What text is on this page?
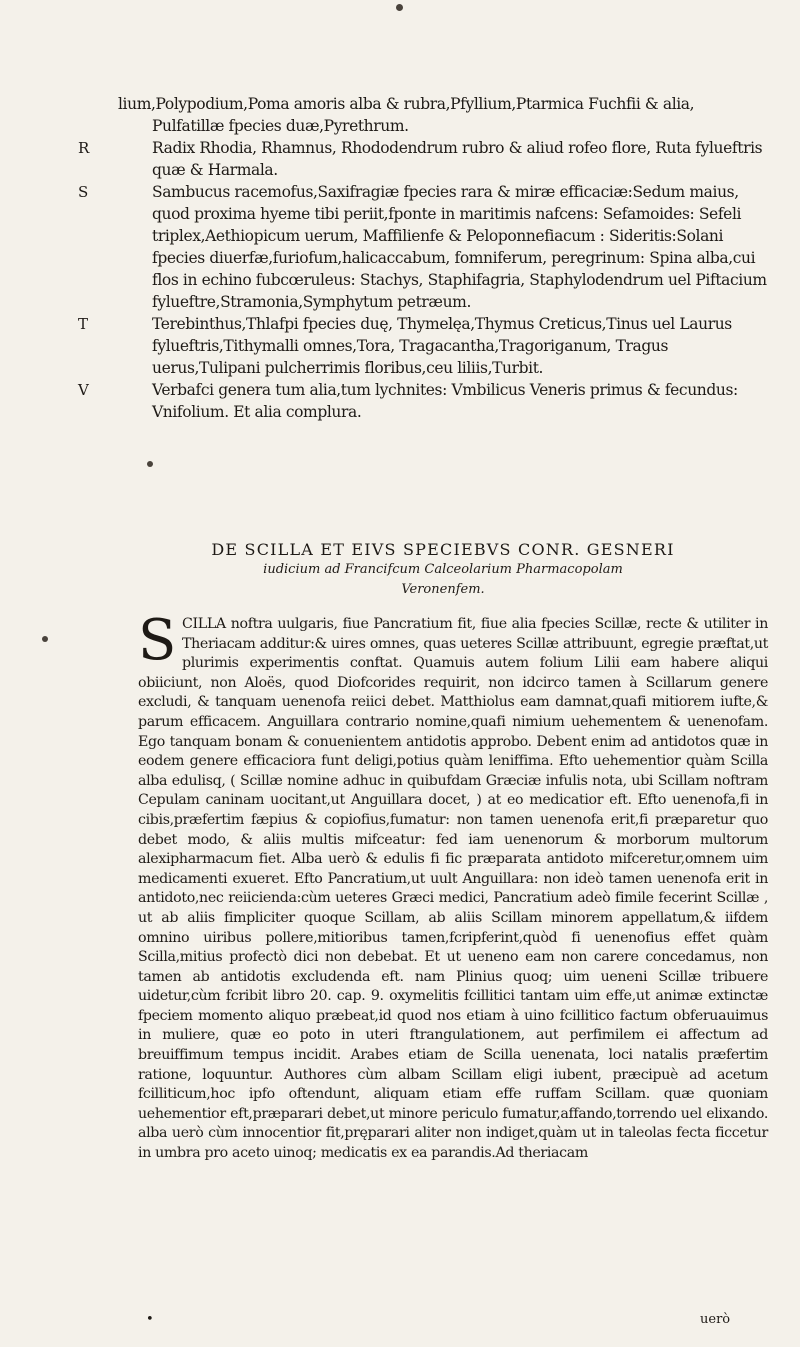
lium,Polypodium,Poma amoris alba & rubra,Pfyllium,Ptarmica Fuchfii & alia,

Pulfatillæ fpecies duæ,Pyrethrum.

R	Radix Rhodia, Rhamnus, Rhododendrum rubro & aliud rofeo flore, Ruta fylueftris quæ & Harmala.
S	Sambucus racemofus,Saxifragiæ fpecies rara & miræ efficaciæ:Sedum maius, quod proxima hyeme tibi periit,fponte in maritimis nafcens: Sefamoides: Sefeli triplex,Aethiopicum uerum, Maffilienfe & Peloponnefiacum : Sideritis:Solani fpecies diuerfæ,furiofum,halicaccabum, fomniferum, peregrinum: Spina alba,cui flos in echino fubcœruleus: Stachys, Staphifagria, Staphylodendrum uel Piftacium fylueftre,Stramonia,Symphytum petræum.
T	Terebinthus,Thlafpi fpecies duę, Thymelęa,Thymus Creticus,Tinus uel Laurus fylueftris,Tithymalli omnes,Tora, Tragacantha,Tragoriganum, Tragus uerus,Tulipani pulcherrimis floribus,ceu liliis,Turbit.
V	Verbafci genera tum alia,tum lychnites: Vmbilicus Veneris primus & fecundus: Vnifolium. Et alia complura.

DE SCILLA ET EIVS SPECIEBVS CONR. GESNERI

iudicium ad Francifcum Calceolarium Pharmacopolam

Veronenfem.

S CILLA noftra uulgaris, fiue Pancratium fit, fiue alia fpecies Scillæ, recte & utiliter in Theriacam additur:& uires omnes, quas ueteres Scillæ attribuunt, egregie præftat,ut plurimis experimentis conftat. Quamuis autem folium Lilii eam habere aliqui obiiciunt, non Aloës, quod Diofcorides requirit, non idcirco tamen à Scillarum genere excludi, & tanquam uenenofa reiici debet. Matthiolus eam damnat,quafi mitiorem iufte,& parum efficacem. Anguillara contrario nomine,quafi nimium uehementem & uenenofam. Ego tanquam bonam & conuenientem antidotis approbo. Debent enim ad antidotos quæ in eodem genere efficaciora funt deligi,potius quàm leniffima. Efto uehementior quàm Scilla alba edulisq, ( Scillæ nomine adhuc in quibufdam Græciæ infulis nota, ubi Scillam noftram Cepulam caninam uocitant,ut Anguillara docet, ) at eo medicatior eft. Efto uenenofa,fi in cibis,præfertim fæpius & copiofius,fumatur: non tamen uenenofa erit,fi præparetur quo debet modo, & aliis multis mifceatur: fed iam uenenorum & morborum multorum alexipharmacum fiet. Alba uerò & edulis fi fic præparata antidoto mifceretur,omnem uim medicamenti exueret. Efto Pancratium,ut uult Anguillara: non ideò tamen uenenofa erit in antidoto,nec reiicienda:cùm ueteres Græci medici, Pancratium adeò fimile fecerint Scillæ , ut ab aliis fimpliciter quoque Scillam, ab aliis Scillam minorem appellatum,& iifdem omnino uiribus pollere,mitioribus tamen,fcripferint,quòd fi uenenofius effet quàm Scilla,mitius profectò dici non debebat. Et ut ueneno eam non carere concedamus, non tamen ab antidotis excludenda eft. nam Plinius quoq; uim ueneni Scillæ tribuere uidetur,cùm fcribit libro 20. cap. 9. oxymelitis fcillitici tantam uim effe,ut animæ extinctæ fpeciem momento aliquo præbeat,id quod nos etiam à uino fcillitico factum obferuauimus in muliere, quæ eo poto in uteri ftrangulationem, aut perfimilem ei affectum ad breuiffimum tempus incidit. Arabes etiam de Scilla uenenata, loci natalis præfertim ratione, loquuntur. Authores cùm albam Scillam eligi iubent, præcipuè ad acetum fcilliticum,hoc ipfo oftendunt, aliquam etiam effe ruffam Scillam. quæ quoniam uehementior eft,præparari debet,ut minore periculo fumatur,affando,torrendo uel elixando. alba uerò cùm innocentior fit,pręparari aliter non indiget,quàm ut in taleolas fecta ficcetur in umbra pro aceto uinoq; medicatis ex ea parandis.Ad theriacam
•	uerò
